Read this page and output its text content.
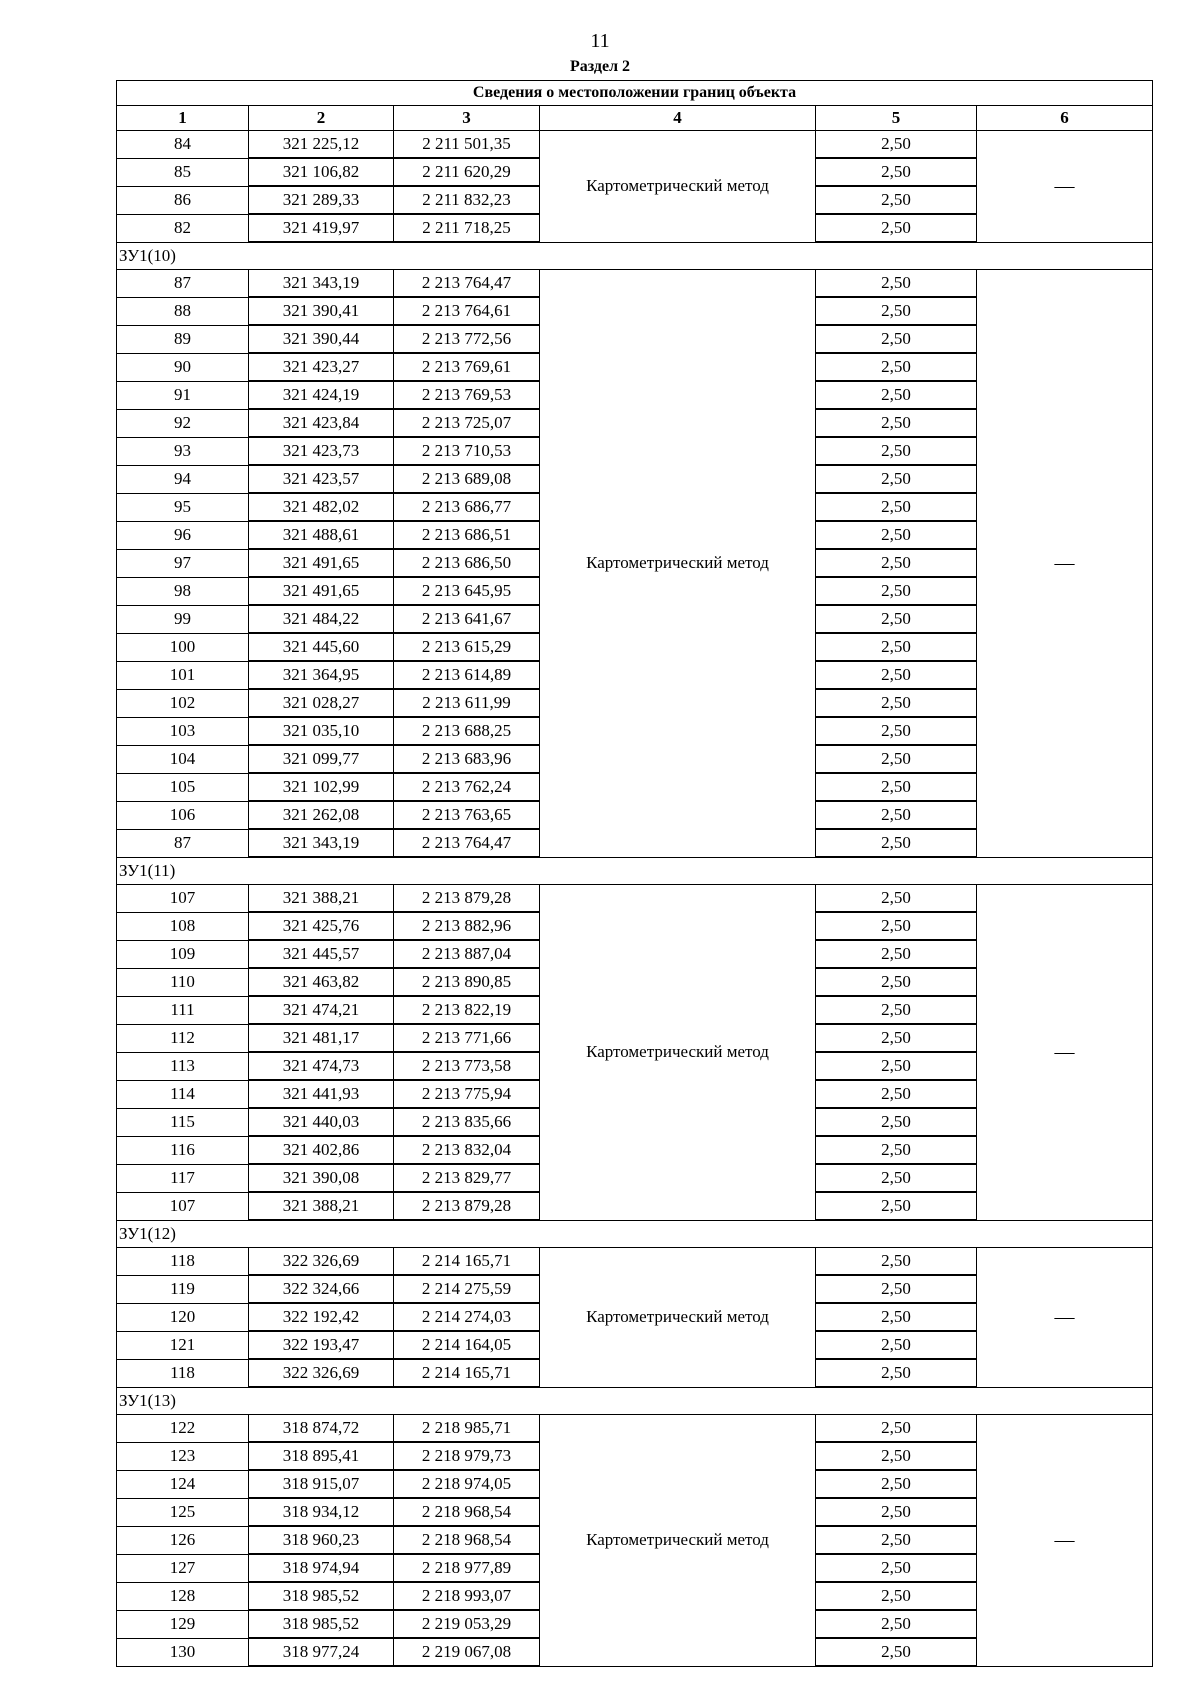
11
Раздел 2
Сведения о местоположении границ объекта					
1	2	3	4	5	6
84	321 225,12	2 211 501,35	Картометрический метод	2,50	—
85	321 106,82	2 211 620,29		2,50	
86	321 289,33	2 211 832,23		2,50	
82	321 419,97	2 211 718,25		2,50	
ЗУ1(10)					
87	321 343,19	2 213 764,47	Картометрический метод	2,50	—
88	321 390,41	2 213 764,61		2,50	
89	321 390,44	2 213 772,56		2,50	
90	321 423,27	2 213 769,61		2,50	
91	321 424,19	2 213 769,53		2,50	
92	321 423,84	2 213 725,07		2,50	
93	321 423,73	2 213 710,53		2,50	
94	321 423,57	2 213 689,08		2,50	
95	321 482,02	2 213 686,77		2,50	
96	321 488,61	2 213 686,51		2,50	
97	321 491,65	2 213 686,50		2,50	
98	321 491,65	2 213 645,95		2,50	
99	321 484,22	2 213 641,67		2,50	
100	321 445,60	2 213 615,29		2,50	
101	321 364,95	2 213 614,89		2,50	
102	321 028,27	2 213 611,99		2,50	
103	321 035,10	2 213 688,25		2,50	
104	321 099,77	2 213 683,96		2,50	
105	321 102,99	2 213 762,24		2,50	
106	321 262,08	2 213 763,65		2,50	
87	321 343,19	2 213 764,47		2,50	
ЗУ1(11)					
107	321 388,21	2 213 879,28	Картометрический метод	2,50	—
108	321 425,76	2 213 882,96		2,50	
109	321 445,57	2 213 887,04		2,50	
110	321 463,82	2 213 890,85		2,50	
111	321 474,21	2 213 822,19		2,50	
112	321 481,17	2 213 771,66		2,50	
113	321 474,73	2 213 773,58		2,50	
114	321 441,93	2 213 775,94		2,50	
115	321 440,03	2 213 835,66		2,50	
116	321 402,86	2 213 832,04		2,50	
117	321 390,08	2 213 829,77		2,50	
107	321 388,21	2 213 879,28		2,50	
ЗУ1(12)					
118	322 326,69	2 214 165,71	Картометрический метод	2,50	—
119	322 324,66	2 214 275,59		2,50	
120	322 192,42	2 214 274,03		2,50	
121	322 193,47	2 214 164,05		2,50	
118	322 326,69	2 214 165,71		2,50	
ЗУ1(13)					
122	318 874,72	2 218 985,71	Картометрический метод	2,50	—
123	318 895,41	2 218 979,73		2,50	
124	318 915,07	2 218 974,05		2,50	
125	318 934,12	2 218 968,54		2,50	
126	318 960,23	2 218 968,54		2,50	
127	318 974,94	2 218 977,89		2,50	
128	318 985,52	2 218 993,07		2,50	
129	318 985,52	2 219 053,29		2,50	
130	318 977,24	2 219 067,08		2,50	
